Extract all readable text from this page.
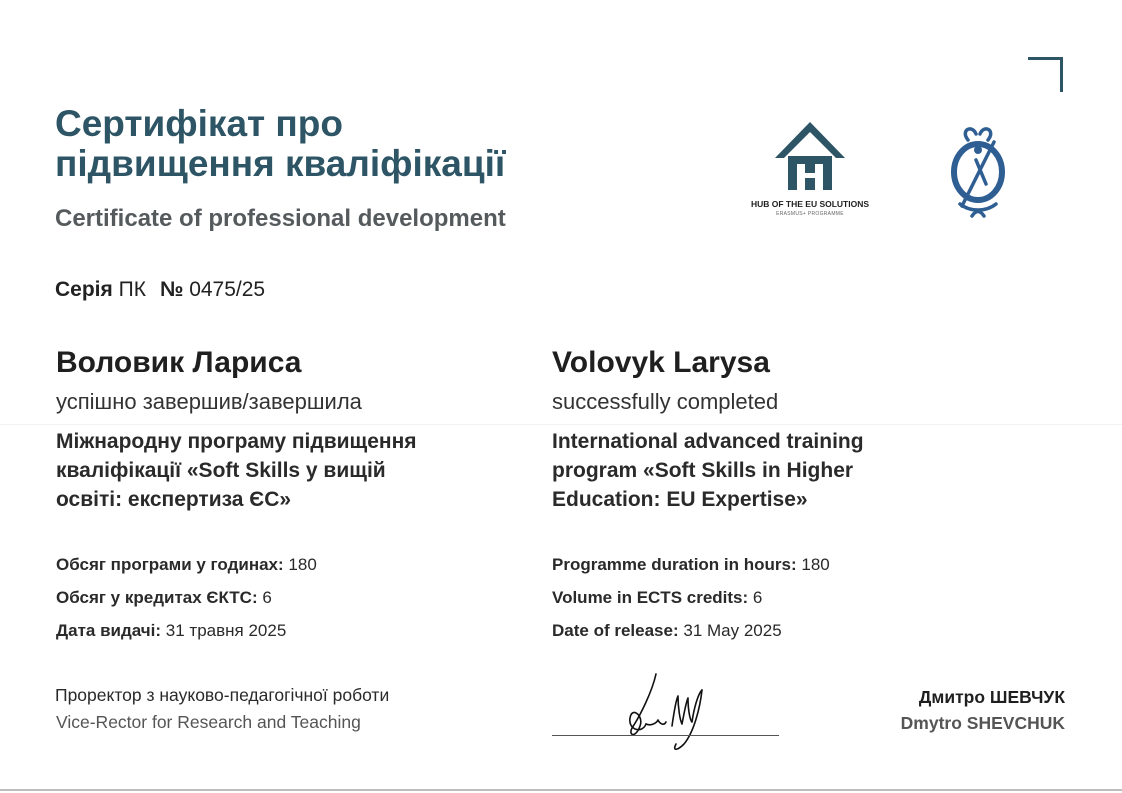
Сертифікат про
підвищення кваліфікації
Certificate of professional development
HUB OF THE EU SOLUTIONS
ERASMUS+ PROGRAMME
Серія ПК № 0475/25
Воловик Лариса
успішно завершив/завершила
Міжнародну програму підвищення
кваліфікації «Soft Skills у вищій
освіті: експертиза ЄС»
Обсяг програми у годинах: 180
Обсяг у кредитах ЄКТС: 6
Дата видачі: 31 травня 2025
Volovyk Larysa
successfully completed
International advanced training
program «Soft Skills in Higher
Education: EU Expertise»
Programme duration in hours: 180
Volume in ECTS credits: 6
Date of release: 31 May 2025
Проректор з науково-педагогічної роботи
Vice-Rector for Research and Teaching
Дмитро ШЕВЧУК
Dmytro SHEVCHUK
